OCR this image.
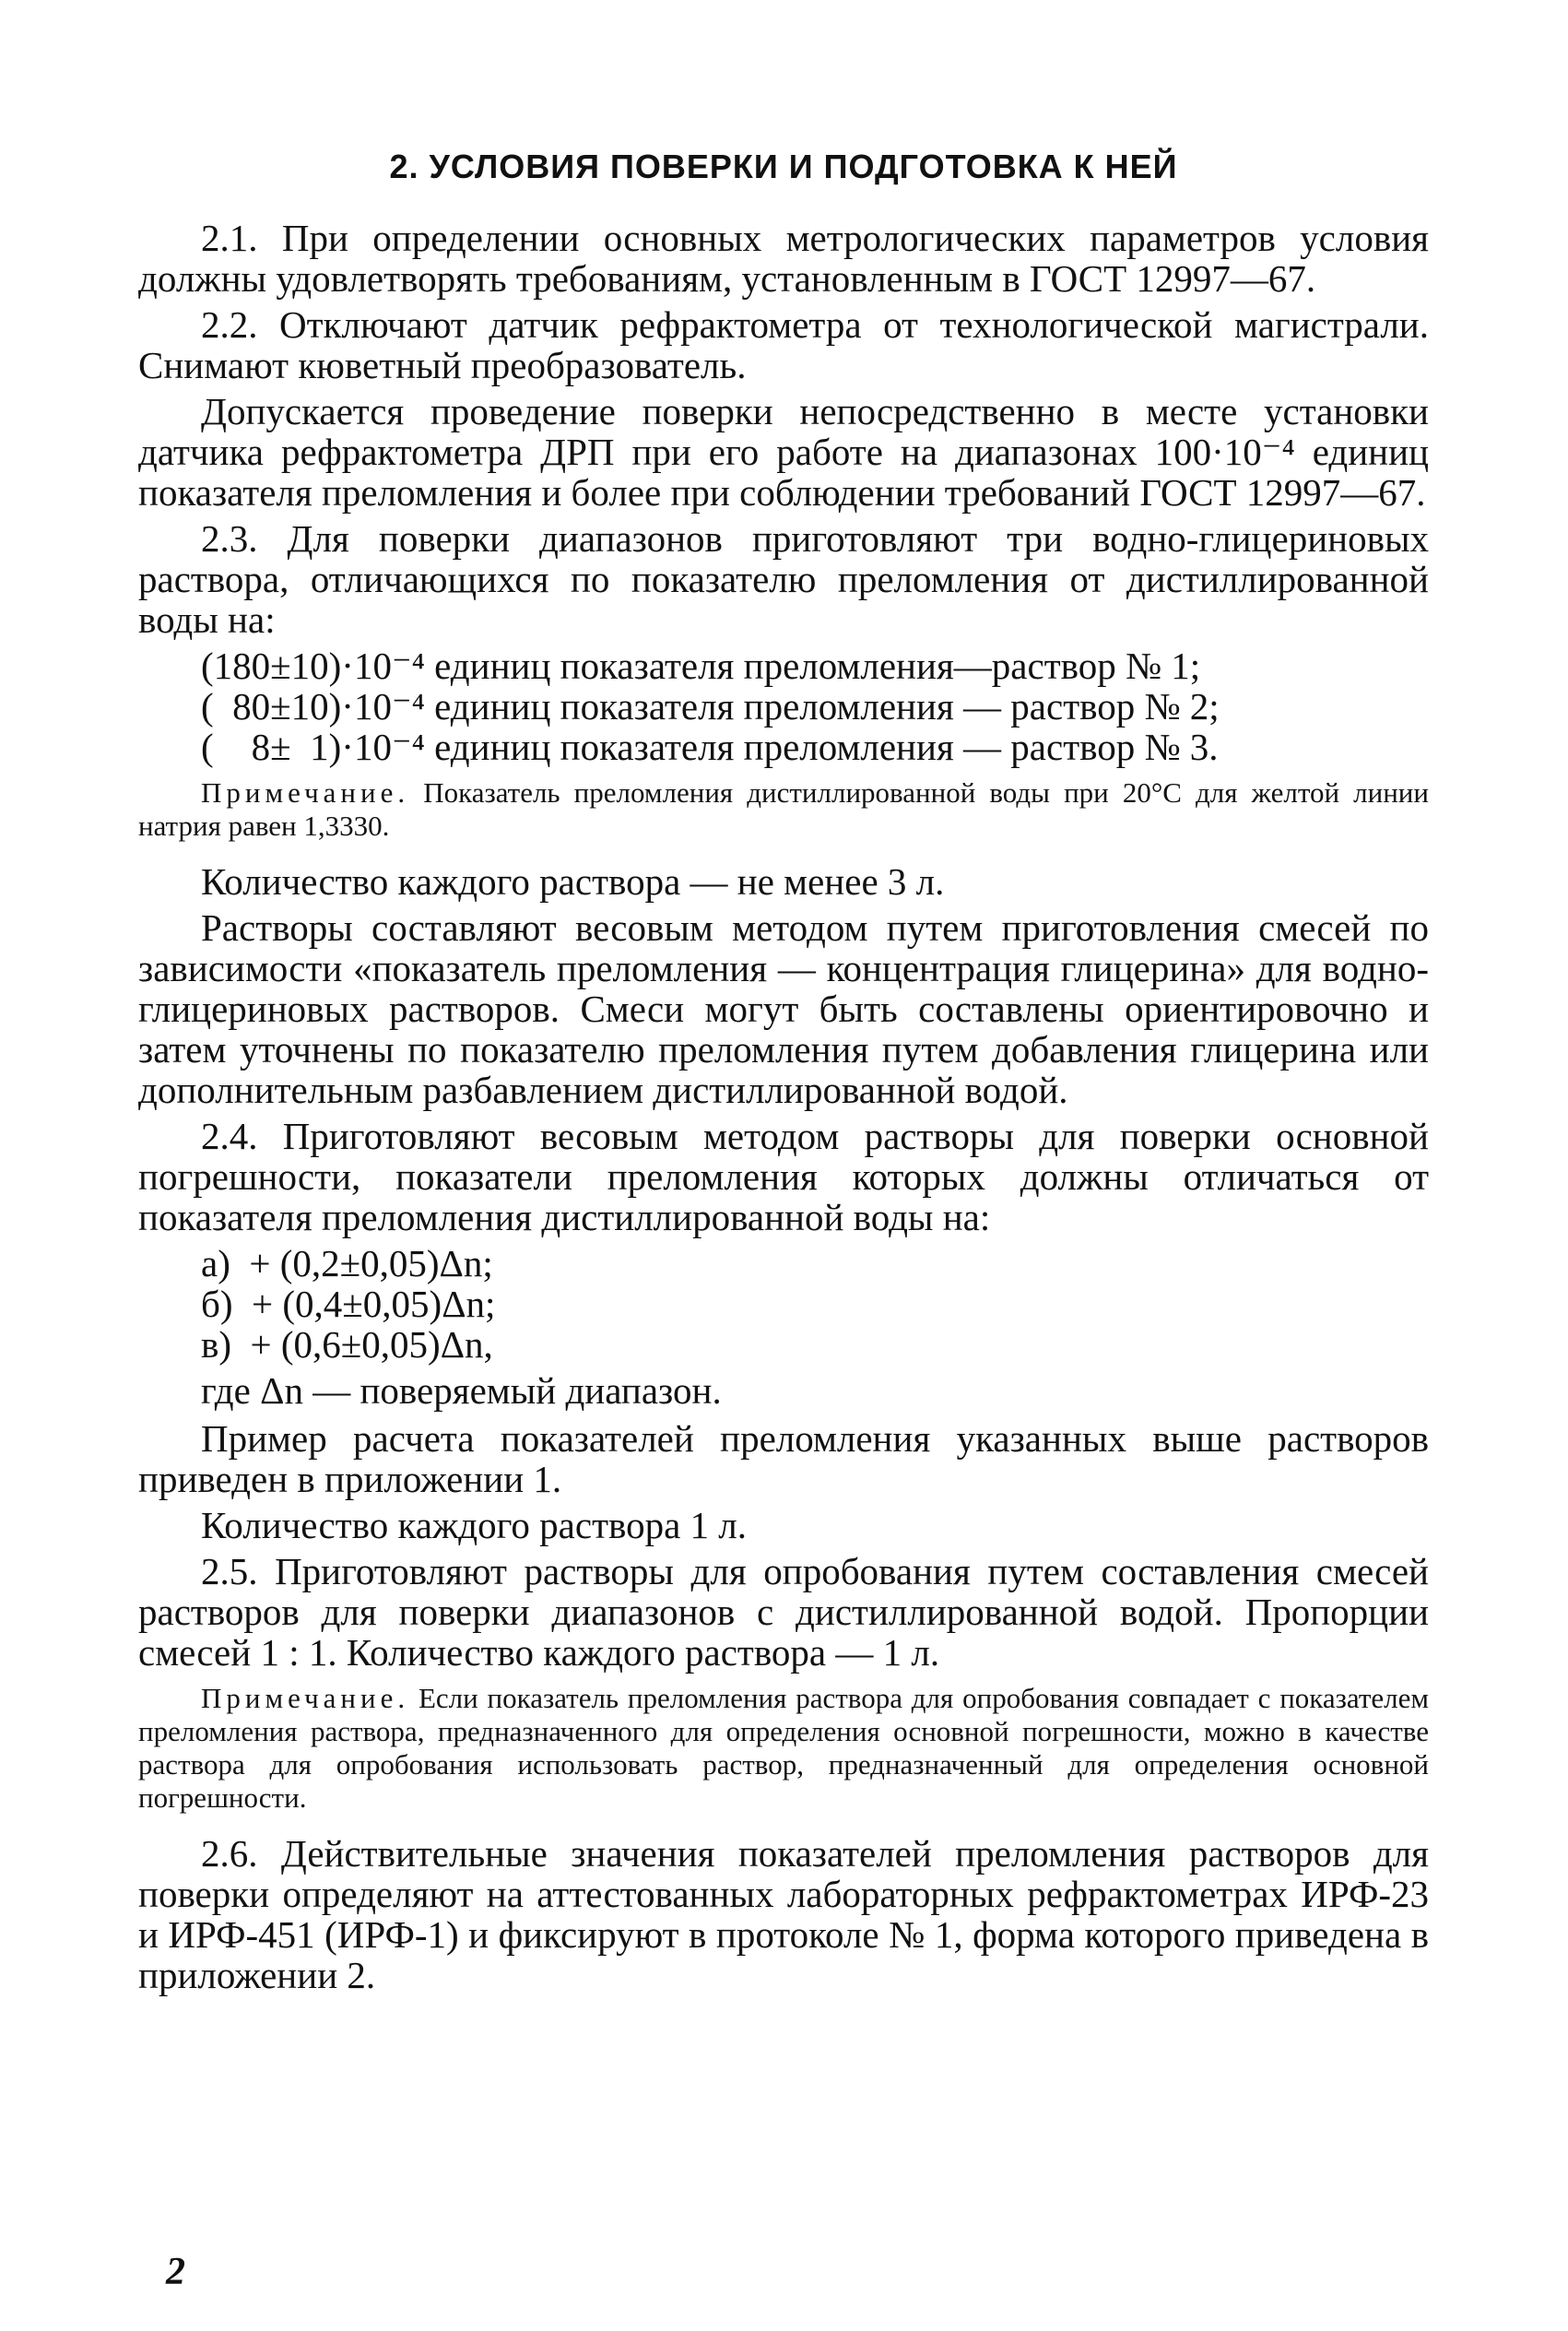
2. УСЛОВИЯ ПОВЕРКИ И ПОДГОТОВКА К НЕЙ
2.1. При определении основных метрологических параметров условия должны удовлетворять требованиям, установленным в ГОСТ 12997—67.
2.2. Отключают датчик рефрактометра от технологической магистрали. Снимают кюветный преобразователь.
Допускается проведение поверки непосредственно в месте установки датчика рефрактометра ДРП при его работе на диапазонах 100·10⁻⁴ единиц показателя преломления и более при соблюдении требований ГОСТ 12997—67.
2.3. Для поверки диапазонов приготовляют три водно-глицериновых раствора, отличающихся по показателю преломления от дистиллированной воды на:
(180±10)·10⁻⁴ единиц показателя преломления—раствор № 1;
(  80±10)·10⁻⁴ единиц показателя преломления — раствор № 2;
(    8±  1)·10⁻⁴ единиц показателя преломления — раствор № 3.
Примечание. Показатель преломления дистиллированной воды при 20°С для желтой линии натрия равен 1,3330.
Количество каждого раствора — не менее 3 л.
Растворы составляют весовым методом путем приготовления смесей по зависимости «показатель преломления — концентрация глицерина» для водно-глицериновых растворов. Смеси могут быть составлены ориентировочно и затем уточнены по показателю преломления путем добавления глицерина или дополнительным разбавлением дистиллированной водой.
2.4. Приготовляют весовым методом растворы для поверки основной погрешности, показатели преломления которых должны отличаться от показателя преломления дистиллированной воды на:
а)  + (0,2±0,05)Δn;
б)  + (0,4±0,05)Δn;
в)  + (0,6±0,05)Δn,
где Δn — поверяемый диапазон.
Пример расчета показателей преломления указанных выше растворов приведен в приложении 1.
Количество каждого раствора 1 л.
2.5. Приготовляют растворы для опробования путем составления смесей растворов для поверки диапазонов с дистиллированной водой. Пропорции смесей 1 : 1. Количество каждого раствора — 1 л.
Примечание. Если показатель преломления раствора для опробования совпадает с показателем преломления раствора, предназначенного для определения основной погрешности, можно в качестве раствора для опробования использовать раствор, предназначенный для определения основной погрешности.
2.6. Действительные значения показателей преломления растворов для поверки определяют на аттестованных лабораторных рефрактометрах ИРФ-23 и ИРФ-451 (ИРФ-1) и фиксируют в протоколе № 1, форма которого приведена в приложении 2.
2
